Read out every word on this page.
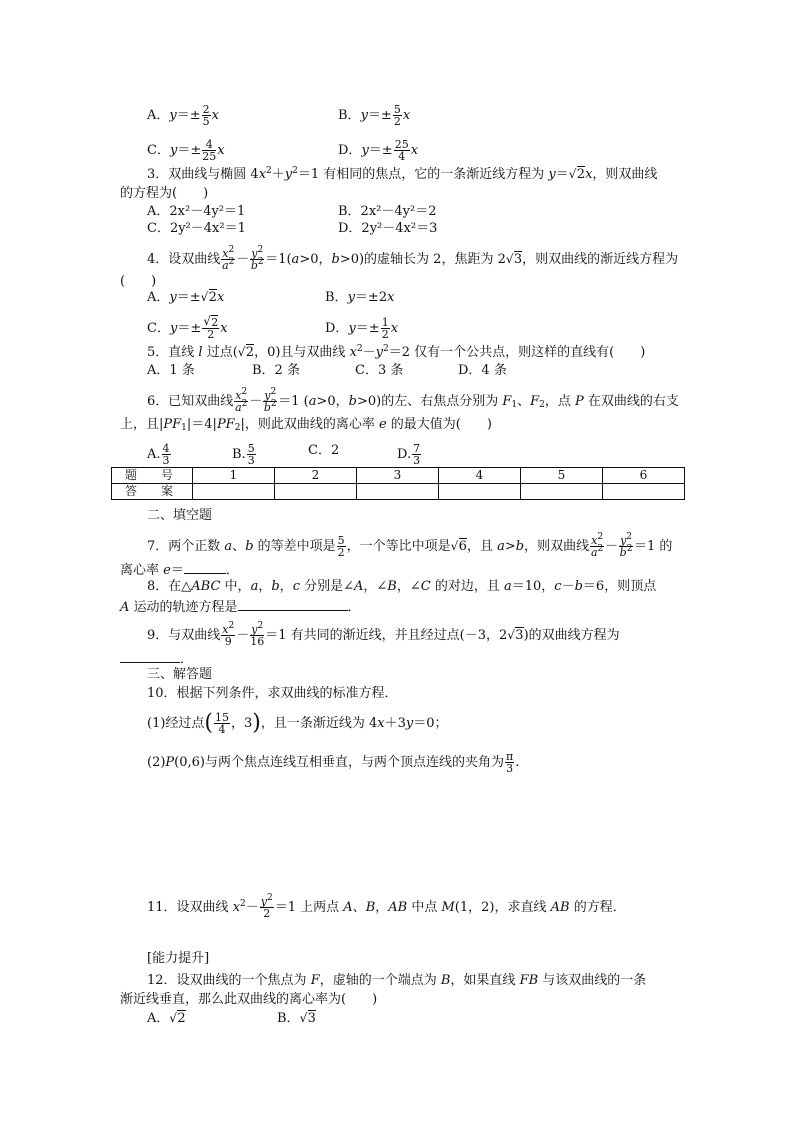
A．$y=\pm \frac{2}{5}$ x	B．$y=\pm \frac{5}{2}$ x
C．$y=\pm \frac{4}{25}$ x	D．$y=\pm \frac{25}{4}$ x
3．双曲线与椭圆 $4x^2+y^2=1$ 有相同的焦点，它的一条渐近线方程为 y＝ √ 2x，则双曲线
的方程为(　　)
A．2x²－4y²＝1	B．2x²－4y²＝2
C．2y²－4x²＝1	D．2y²－4x²＝3
4．设双曲线 $\frac{x^2}{a^2} - \frac{y^2}{b^2} =1(a>0$，b>0)的虚轴长为 2，焦距为 2 √ 3，则双曲线的渐近线方程为
(　　)
A．y＝± √ 2x	B．y＝±2x
C．y＝± √ $\frac{2}{2}$ x	D．$y=\pm \frac{1}{2}$ x
5．直线 l 过点( √ 2，0)且与双曲线 $x^2-y^2=2$ 仅有一个公共点，则这样的直线有(　　)
A．1 条	B．2 条	C．3 条	D．4 条
6．已知双曲线 $\frac{x^2}{a^2} - \frac{y^2}{b^2} =1$ (a>0，b>0)的左、右焦点分别为 $F_1$、$F_2$，点 P 在双曲线的右支
上，且$|PF_1|=4|PF_2|$，则此双曲线的离心率 e 的最大值为(　　)
A. $\frac{4}{3}$	B. $\frac{5}{3}$	C．2	D. $\frac{7}{3}$
题　号	1	2	3	4	5	6
答　案						
二、填空题
7．两个正数 a、b 的等差中项是 $\frac{5}{2}$ ，一个等比中项是 √ 6，且 a>b，则双曲线 $\frac{x^2}{a^2} - \frac{y^2}{b^2} =1$ 的
离心率 e＝	．
8．在△ABC 中，a，b，c 分别是∠A，∠B，∠C 的对边，且 a＝10，c－b＝6，则顶点
A 运动的轨迹方程是	．
9．与双曲线 $\frac{x^2}{9} - \frac{y^2}{16} =1$ 有共同的渐近线，并且经过点(－3，2 √ 3)的双曲线方程为
．
三、解答题
10．根据下列条件，求双曲线的标准方程．
(1)经过点( $\frac{15}{4}$ ，3)，且一条渐近线为 4x＋3y＝0；
(2)P(0,6)与两个焦点连线互相垂直，与两个顶点连线的夹角为 $\frac{\pi}{3}$ .
11．设双曲线 $x^2- \frac{y^2}{2} =1$ 上两点 A、B，AB 中点 M(1，2)，求直线 AB 的方程．
[能力提升]
12．设双曲线的一个焦点为 F，虚轴的一个端点为 B，如果直线 FB 与该双曲线的一条
渐近线垂直，那么此双曲线的离心率为(　　)
A． √ 2	B． √ 3
